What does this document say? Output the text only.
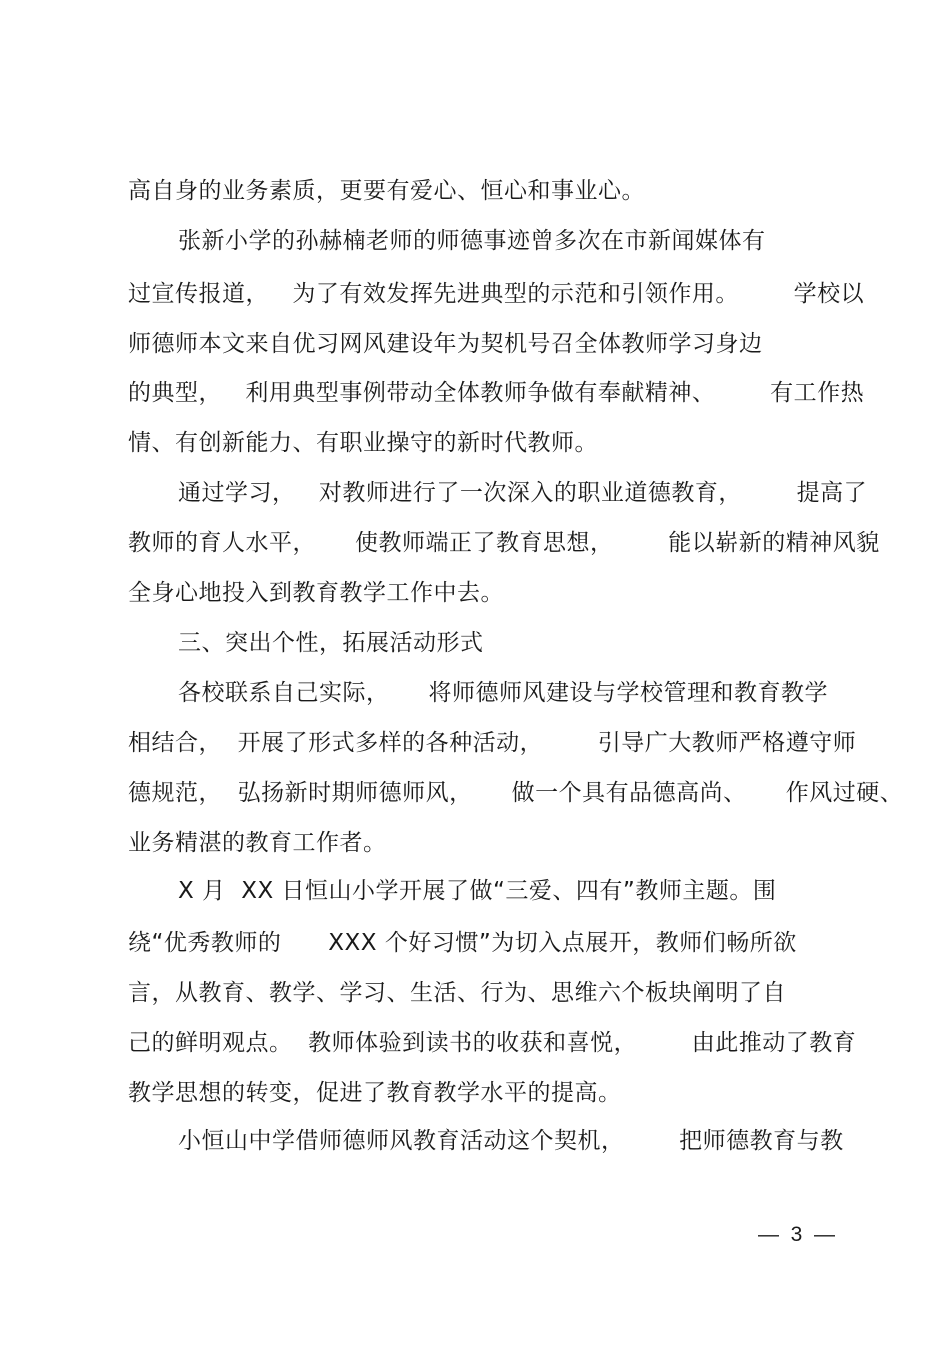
高自身的业务素质，更要有爱心、恒心和事业心。
张新小学的孙赫楠老师的师德事迹曾多次在市新闻媒体有
过宣传报道，   为了有效发挥先进典型的示范和引领作用。       学校以
师德师本文来自优习网风建设年为契机号召全体教师学习身边
的典型，   利用典型事例带动全体教师争做有奉献精神、       有工作热
情、有创新能力、有职业操守的新时代教师。
通过学习，   对教师进行了一次深入的职业道德教育，       提高了
教师的育人水平，     使教师端正了教育思想，       能以崭新的精神风貌
全身心地投入到教育教学工作中去。
三、突出个性，拓展活动形式
各校联系自己实际，     将师德师风建设与学校管理和教育教学
相结合，  开展了形式多样的各种活动，       引导广大教师严格遵守师
德规范，  弘扬新时期师德师风，     做一个具有品德高尚、     作风过硬、
业务精湛的教育工作者。
X 月  XX 日恒山小学开展了做“三爱、四有”教师主题。围
绕“优秀教师的      XXX 个好习惯”为切入点展开，教师们畅所欲
言，从教育、教学、学习、生活、行为、思维六个板块阐明了自
己的鲜明观点。  教师体验到读书的收获和喜悦，       由此推动了教育
教学思想的转变，促进了教育教学水平的提高。
小恒山中学借师德师风教育活动这个契机，       把师德教育与教
—  3  —
